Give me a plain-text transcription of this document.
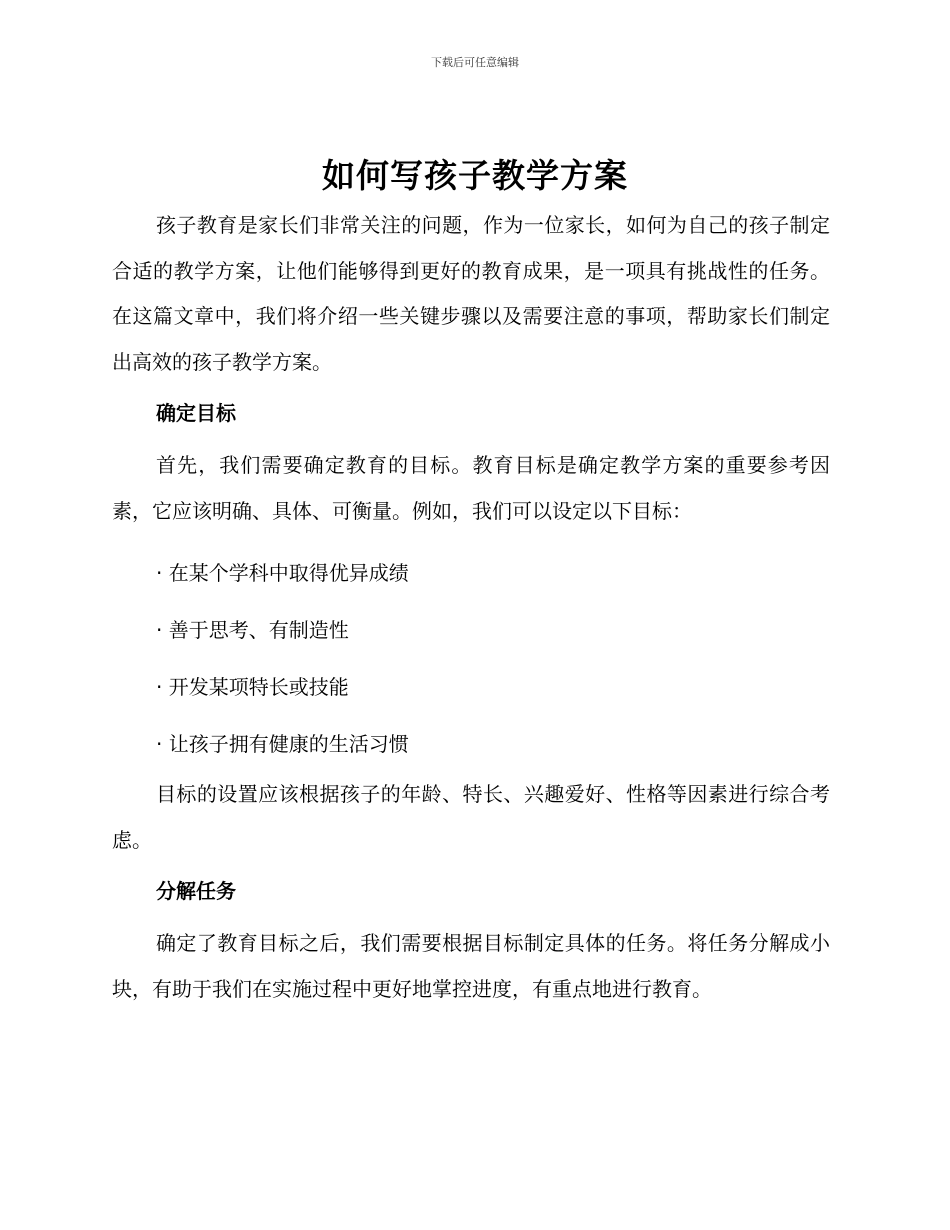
下载后可任意编辑
如何写孩子教学方案

孩子教育是家长们非常关注的问题，作为一位家长，如何为自己的孩子制定合适的教学方案，让他们能够得到更好的教育成果，是一项具有挑战性的任务。在这篇文章中，我们将介绍一些关键步骤以及需要注意的事项，帮助家长们制定出高效的孩子教学方案。

确定目标

首先，我们需要确定教育的目标。教育目标是确定教学方案的重要参考因素，它应该明确、具体、可衡量。例如，我们可以设定以下目标：

· 在某个学科中取得优异成绩

· 善于思考、有制造性

· 开发某项特长或技能

· 让孩子拥有健康的生活习惯

目标的设置应该根据孩子的年龄、特长、兴趣爱好、性格等因素进行综合考虑。

分解任务

确定了教育目标之后，我们需要根据目标制定具体的任务。将任务分解成小块，有助于我们在实施过程中更好地掌控进度，有重点地进行教育。
